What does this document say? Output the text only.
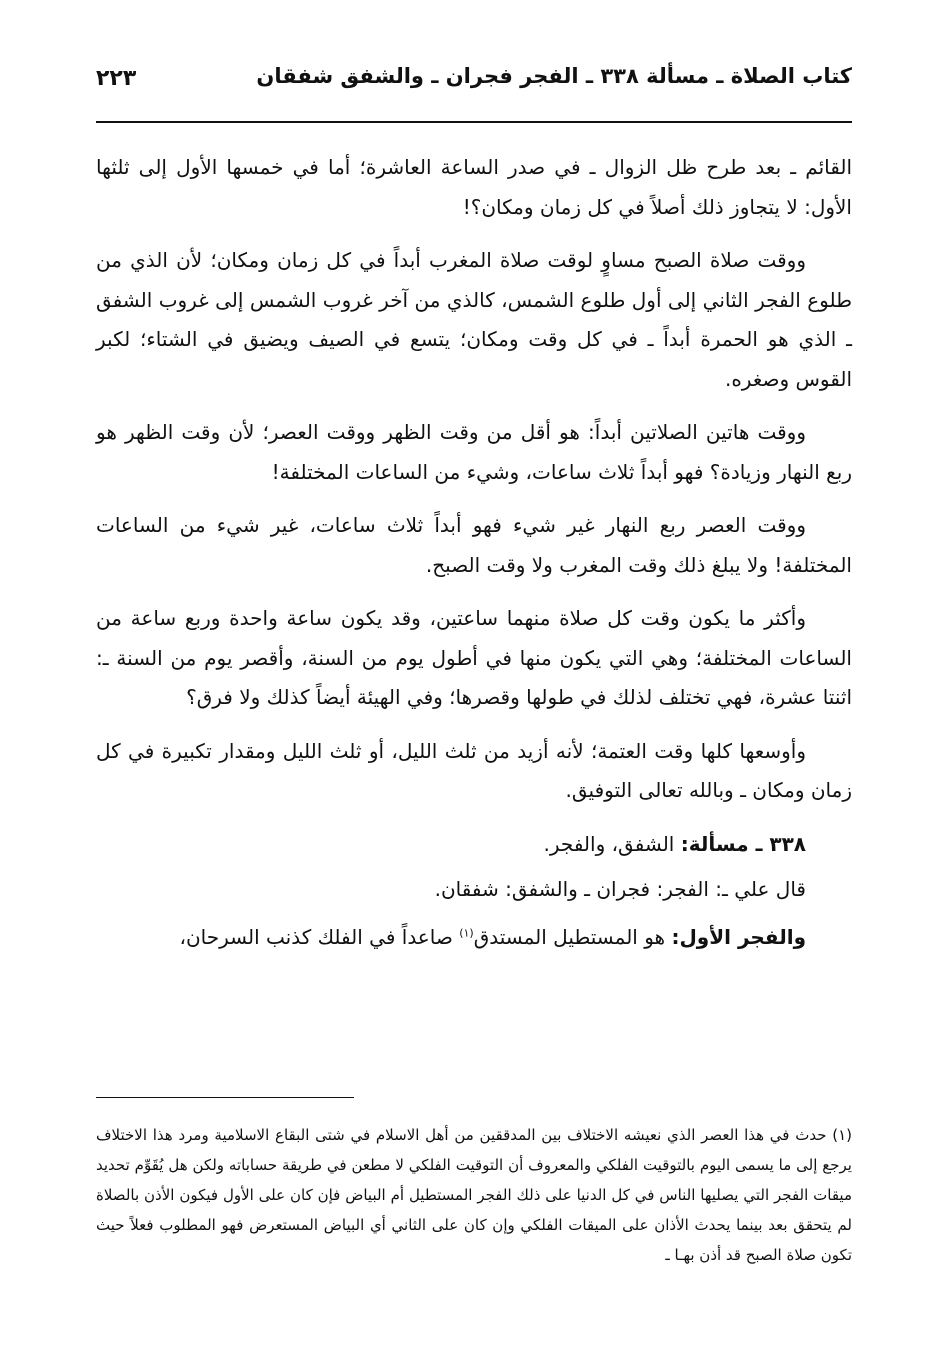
كتاب الصلاة ـ مسألة ٣٣٨ ـ الفجر فجران ـ والشفق شفقان
٢٢٣

القائم ـ بعد طرح ظل الزوال ـ في صدر الساعة العاشرة؛ أما في خمسها الأول إلى ثلثها الأول: لا يتجاوز ذلك أصلاً في كل زمان ومكان؟!

ووقت صلاة الصبح مساوٍ لوقت صلاة المغرب أبداً في كل زمان ومكان؛ لأن الذي من طلوع الفجر الثاني إلى أول طلوع الشمس، كالذي من آخر غروب الشمس إلى غروب الشفق ـ الذي هو الحمرة أبداً ـ في كل وقت ومكان؛ يتسع في الصيف ويضيق في الشتاء؛ لكبر القوس وصغره.

ووقت هاتين الصلاتين أبداً: هو أقل من وقت الظهر ووقت العصر؛ لأن وقت الظهر هو ربع النهار وزيادة؟ فهو أبداً ثلاث ساعات، وشيء من الساعات المختلفة!

ووقت العصر ربع النهار غير شيء فهو أبداً ثلاث ساعات، غير شيء من الساعات المختلفة! ولا يبلغ ذلك وقت المغرب ولا وقت الصبح.

وأكثر ما يكون وقت كل صلاة منهما ساعتين، وقد يكون ساعة واحدة وربع ساعة من الساعات المختلفة؛ وهي التي يكون منها في أطول يوم من السنة، وأقصر يوم من السنة ـ: اثنتا عشرة، فهي تختلف لذلك في طولها وقصرها؛ وفي الهيئة أيضاً كذلك ولا فرق؟

وأوسعها كلها وقت العتمة؛ لأنه أزيد من ثلث الليل، أو ثلث الليل ومقدار تكبيرة في كل زمان ومكان ـ وبالله تعالى التوفيق.

٣٣٨ ـ مسألة: الشفق، والفجر.

قال علي ـ: الفجر: فجران ـ والشفق: شفقان.

والفجر الأول: هو المستطيل المستدق$^{(١)}$ صاعداً في الفلك كذنب السرحان،

(١) حدث في هذا العصر الذي نعيشه الاختلاف بين المدققين من أهل الاسلام في شتى البقاع الاسلامية ومرد هذا الاختلاف يرجع إلى ما يسمى اليوم بالتوقيت الفلكي والمعروف أن التوقيت الفلكي لا مطعن في طريقة حساباته ولكن هل يُقَوِّم تحديد ميقات الفجر التي يصليها الناس في كل الدنيا على ذلك الفجر المستطيل أم البياض فإن كان على الأول فيكون الأذن بالصلاة لم يتحقق بعد بينما يحدث الأذان على الميقات الفلكي وإن كان على الثاني أي البياض المستعرض فهو المطلوب فعلاً حيث تكون صلاة الصبح قد أذن بهـا ـ
